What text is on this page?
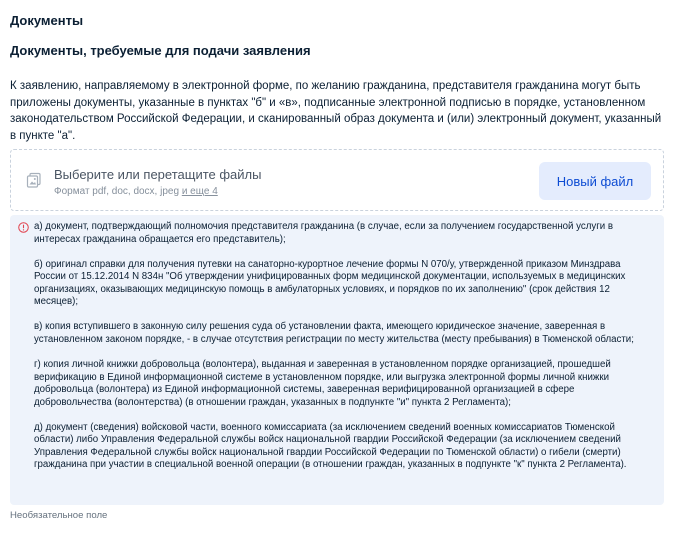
Документы
Документы, требуемые для подачи заявления
К заявлению, направляемому в электронной форме, по желанию гражданина, представителя гражданина могут быть приложены документы, указанные в пунктах "б" и «в», подписанные электронной подписью в порядке, установленном законодательством Российской Федерации, и сканированный образ документа и (или) электронный документ, указанный в пункте "а".
Выберите или перетащите файлы
Формат pdf, doc, docx, jpeg и еще 4
Новый файл

а) документ, подтверждающий полномочия представителя гражданина (в случае, если за получением государственной услуги в интересах гражданина обращается его представитель);

б) оригинал справки для получения путевки на санаторно-курортное лечение формы N 070/у, утвержденной приказом Минздрава России от 15.12.2014 N 834н "Об утверждении унифицированных форм медицинской документации, используемых в медицинских организациях, оказывающих медицинскую помощь в амбулаторных условиях, и порядков по их заполнению" (срок действия 12 месяцев);

в) копия вступившего в законную силу решения суда об установлении факта, имеющего юридическое значение, заверенная в установленном законом порядке, - в случае отсутствия регистрации по месту жительства (месту пребывания) в Тюменской области;

г) копия личной книжки добровольца (волонтера), выданная и заверенная в установленном порядке организацией, прошедшей верификацию в Единой информационной системе в установленном порядке, или выгрузка электронной формы личной книжки добровольца (волонтера) из Единой информационной системы, заверенная верифицированной организацией в сфере добровольчества (волонтерства) (в отношении граждан, указанных в подпункте "и" пункта 2 Регламента);

д) документ (сведения) войсковой части, военного комиссариата (за исключением сведений военных комиссариатов Тюменской области) либо Управления Федеральной службы войск национальной гвардии Российской Федерации (за исключением сведений Управления Федеральной службы войск национальной гвардии Российской Федерации по Тюменской области) о гибели (смерти) гражданина при участии в специальной военной операции (в отношении граждан, указанных в подпункте "к" пункта 2 Регламента).

Необязательное поле
